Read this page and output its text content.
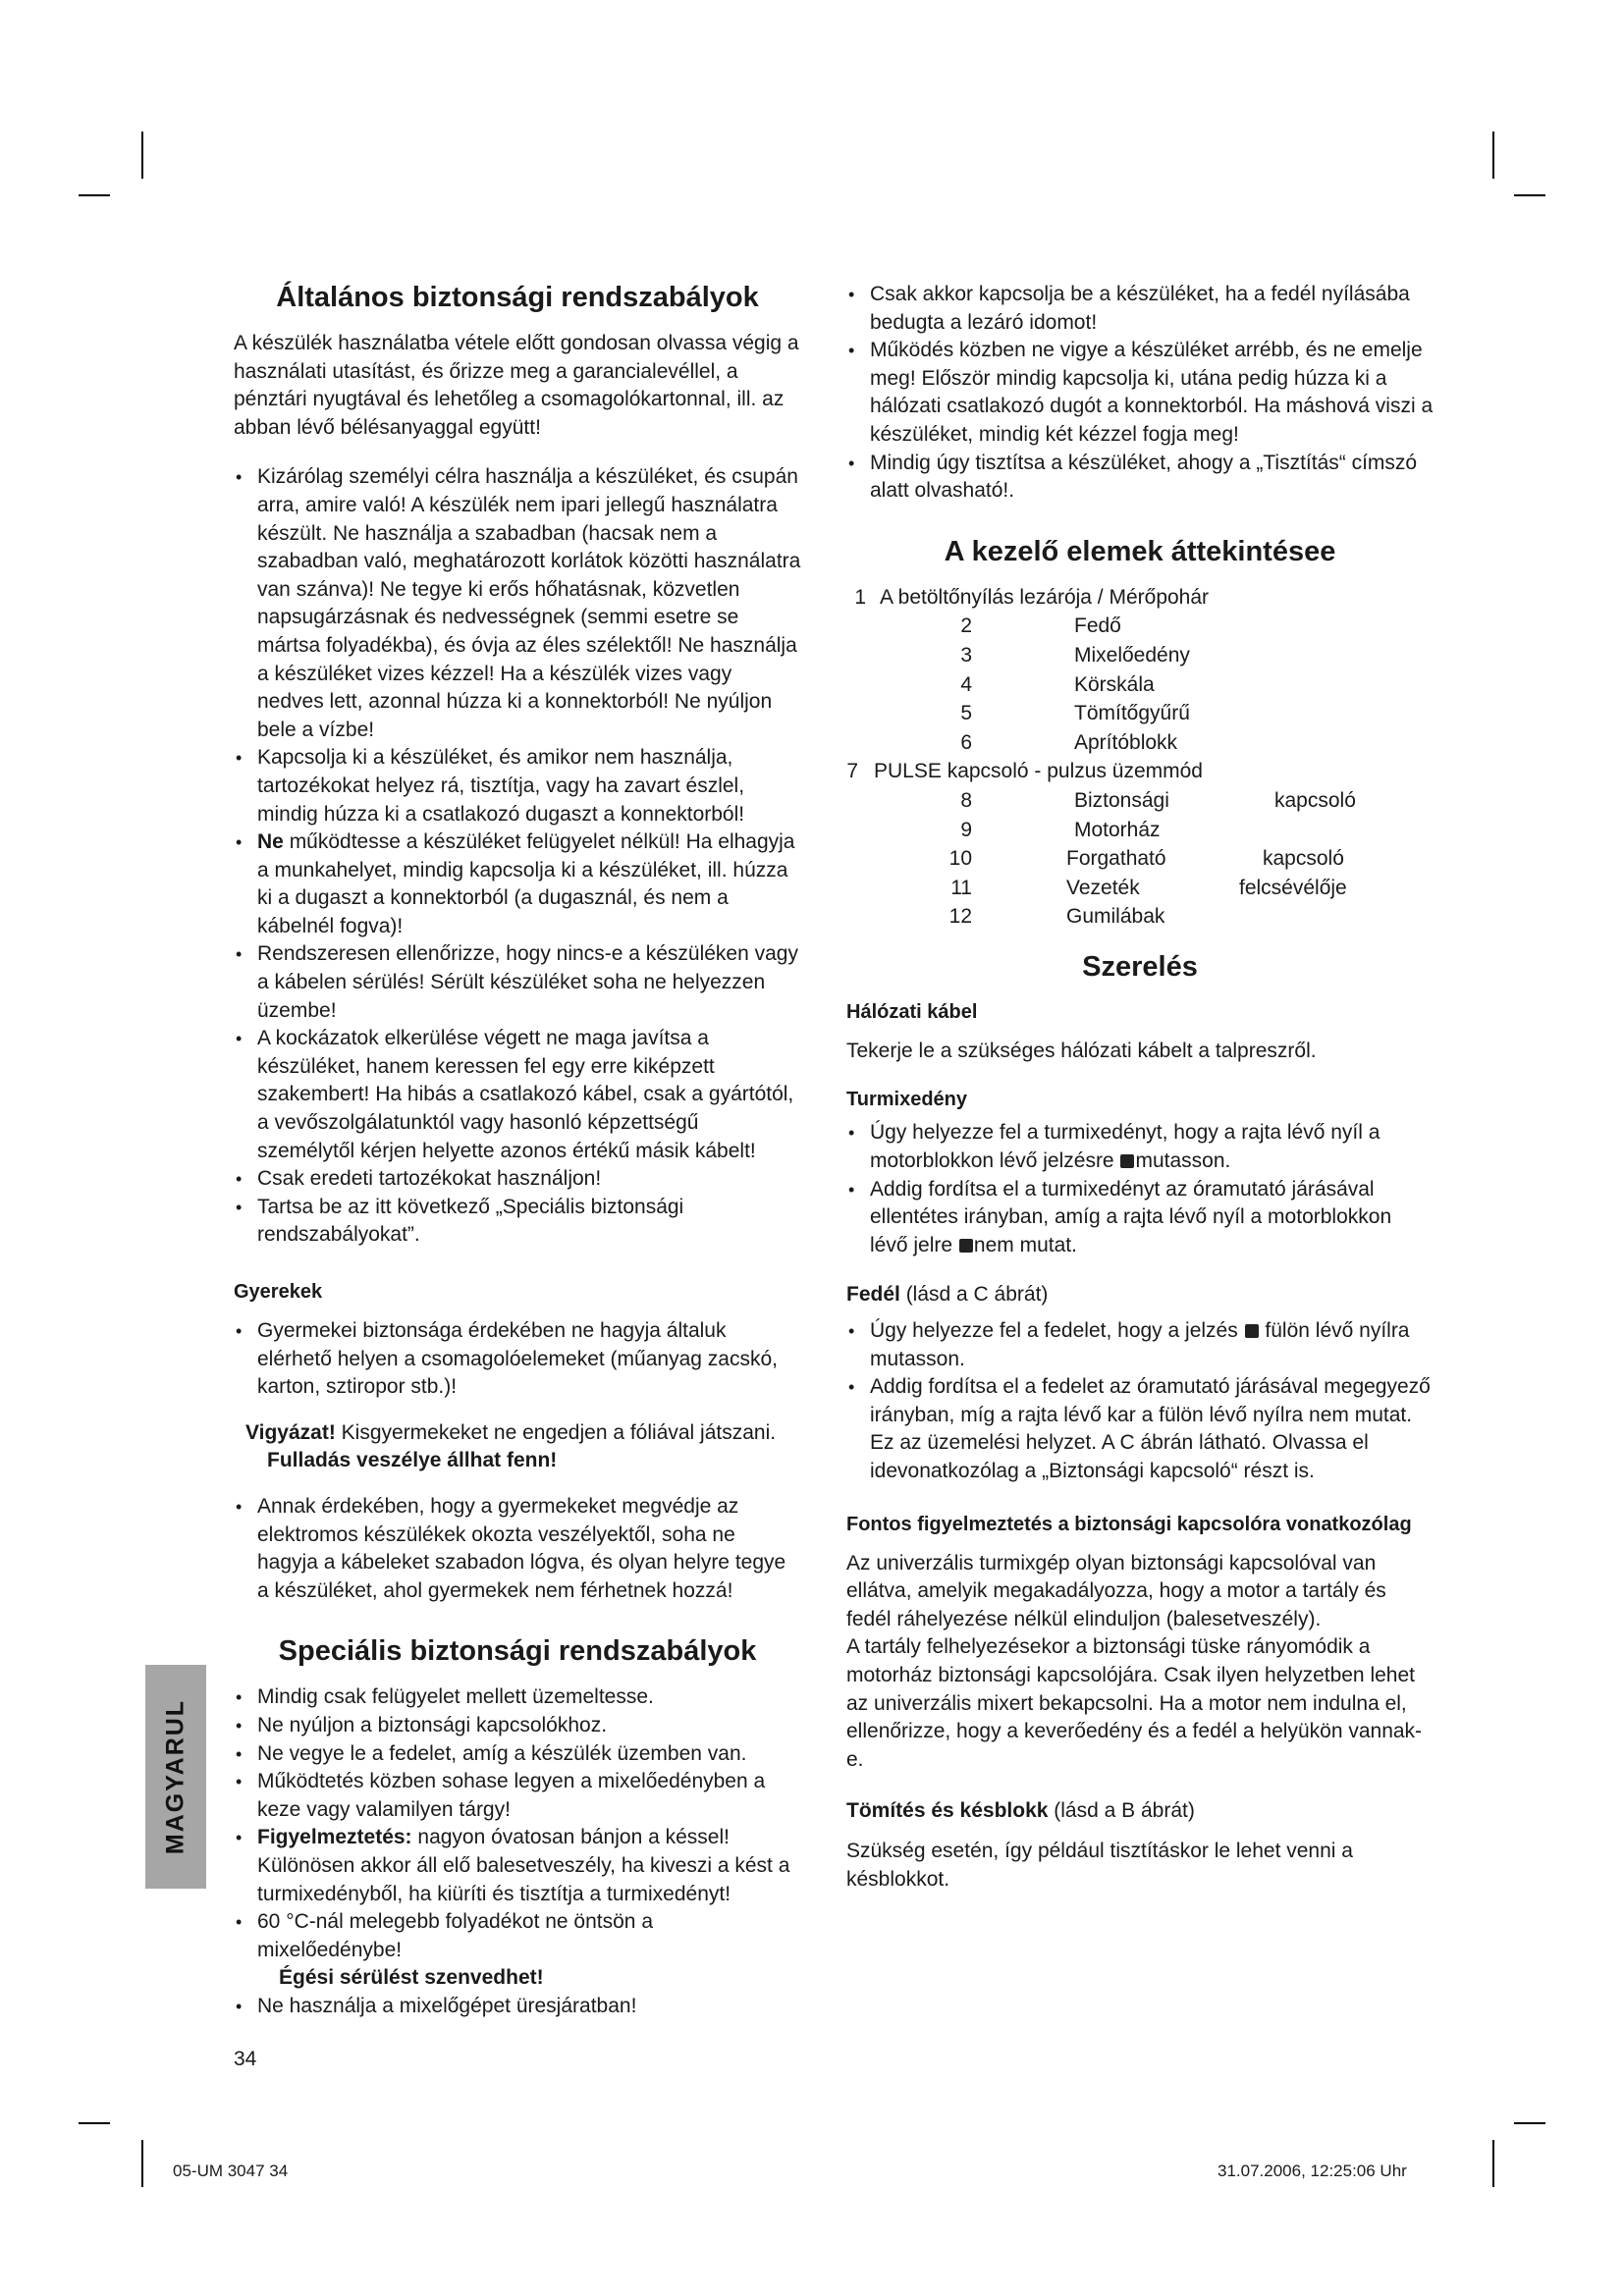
Általános biztonsági rendszabályok

A készülék használatba vétele előtt gondosan olvassa végig a használati utasítást, és őrizze meg a garancialevéllel, a pénztári nyugtával és lehetőleg a csomagolókartonnal, ill. az abban lévő bélésanyaggal együtt!

• Kizárólag személyi célra használja a készüléket, és csupán arra, amire való! A készülék nem ipari jellegű használatra készült. Ne használja a szabadban (hacsak nem a szabadban való, meghatározott korlátok közötti használatra van szánva)! Ne tegye ki erős hőhatásnak, közvetlen napsugárzásnak és nedvességnek (semmi esetre se mártsa folyadékba), és óvja az éles szélektől! Ne használja a készüléket vizes kézzel! Ha a készülék vizes vagy nedves lett, azonnal húzza ki a konnektorból! Ne nyúljon bele a vízbe!
• Kapcsolja ki a készüléket, és amikor nem használja, tartozékokat helyez rá, tisztítja, vagy ha zavart észlel, mindig húzza ki a csatlakozó dugaszt a konnektorból!
• Ne működtesse a készüléket felügyelet nélkül! Ha elhagyja a munkahelyet, mindig kapcsolja ki a készüléket, ill. húzza ki a dugaszt a konnektorból (a dugasznál, és nem a kábelnél fogva)!
• Rendszeresen ellenőrizze, hogy nincs-e a készüléken vagy a kábelen sérülés! Sérült készüléket soha ne helyezzen üzembe!
• A kockázatok elkerülése végett ne maga javítsa a készüléket, hanem keressen fel egy erre kiképzett szakembert! Ha hibás a csatlakozó kábel, csak a gyártótól, a vevőszolgálatunktól vagy hasonló képzettségű személytől kérjen helyette azonos értékű másik kábelt!
• Csak eredeti tartozékokat használjon!
• Tartsa be az itt következő „Speciális biztonsági rendszabályokat”.
Gyerekek
• Gyermekei biztonsága érdekében ne hagyja általuk elérhető helyen a csomagolóelemeket (műanyag zacskó, karton, sztiropor stb.)!
Vigyázat! Kisgyermekeket ne engedjen a fóliával játszani.
Fulladás veszélye állhat fenn!
• Annak érdekében, hogy a gyermekeket megvédje az elektromos készülékek okozta veszélyektől, soha ne hagyja a kábeleket szabadon lógva, és olyan helyre tegye a készüléket, ahol gyermekek nem férhetnek hozzá!
Speciális biztonsági rendszabályok
• Mindig csak felügyelet mellett üzemeltesse.
• Ne nyúljon a biztonsági kapcsolókhoz.
• Ne vegye le a fedelet, amíg a készülék üzemben van.
• Működtetés közben sohase legyen a mixelőedényben a keze vagy valamilyen tárgy!
• Figyelmeztetés: nagyon óvatosan bánjon a késsel! Különösen akkor áll elő balesetveszély, ha kiveszi a kést a turmixedényből, ha kiüríti és tisztítja a turmixedényt!
• 60 °C-nál melegebb folyadékot ne öntsön a mixelőedénybe!
Égési sérülést szenvedhet!
• Ne használja a mixelőgépet üresjáratban!
• Csak akkor kapcsolja be a készüléket, ha a fedél nyílásába bedugta a lezáró idomot!
• Működés közben ne vigye a készüléket arrébb, és ne emelje meg! Először mindig kapcsolja ki, utána pedig húzza ki a hálózati csatlakozó dugót a konnektorból. Ha máshová viszi a készüléket, mindig két kézzel fogja meg!
• Mindig úgy tisztítsa a készüléket, ahogy a „Tisztítás“ címszó alatt olvasható!.
A kezelő elemek áttekintésee
1 A betöltőnyílás lezárója / Mérőpohár
2	Fedő
3	Mixelőedény
4	Körskála
5	Tömítőgyűrű
6	Aprítóblokk
7 PULSE kapcsoló - pulzus üzemmód
8	Biztonsági	kapcsoló
9	Motorház
10	Forgatható	kapcsoló
11	Vezeték	felcsévélője
12	Gumilábak
Szerelés
Hálózati kábel

Tekerje le a szükséges hálózati kábelt a talpreszről.

Turmixedény
• Úgy helyezze fel a turmixedényt, hogy a rajta lévő nyíl a motorblokkon lévő jelzésre mutasson.
• Addig fordítsa el a turmixedényt az óramutató járásával ellentétes irányban, amíg a rajta lévő nyíl a motorblokkon lévő jelre nem mutat.
Fedél (lásd a C ábrát)
• Úgy helyezze fel a fedelet, hogy a jelzés fülön lévő nyílra mutasson.
• Addig fordítsa el a fedelet az óramutató járásával megegyező irányban, míg a rajta lévő kar a fülön lévő nyílra nem mutat. Ez az üzemelési helyzet. A C ábrán látható. Olvassa el idevonatkozólag a „Biztonsági kapcsoló“ részt is.
Fontos figyelmeztetés a biztonsági kapcsolóra vonatkozólag

Az univerzális turmixgép olyan biztonsági kapcsolóval van ellátva, amelyik megakadályozza, hogy a motor a tartály és fedél ráhelyezése nélkül elinduljon (balesetveszély).

A tartály felhelyezésekor a biztonsági tüske rányomódik a motorház biztonsági kapcsolójára. Csak ilyen helyzetben lehet az univerzális mixert bekapcsolni. Ha a motor nem indulna el, ellenőrizze, hogy a keverőedény és a fedél a helyükön vannak-e.

Tömítés és késblokk (lásd a B ábrát)

Szükség esetén, így például tisztításkor le lehet venni a késblokkot.

MAGYARUL
34
05-UM 3047 34	31.07.2006, 12:25:06 Uhr
